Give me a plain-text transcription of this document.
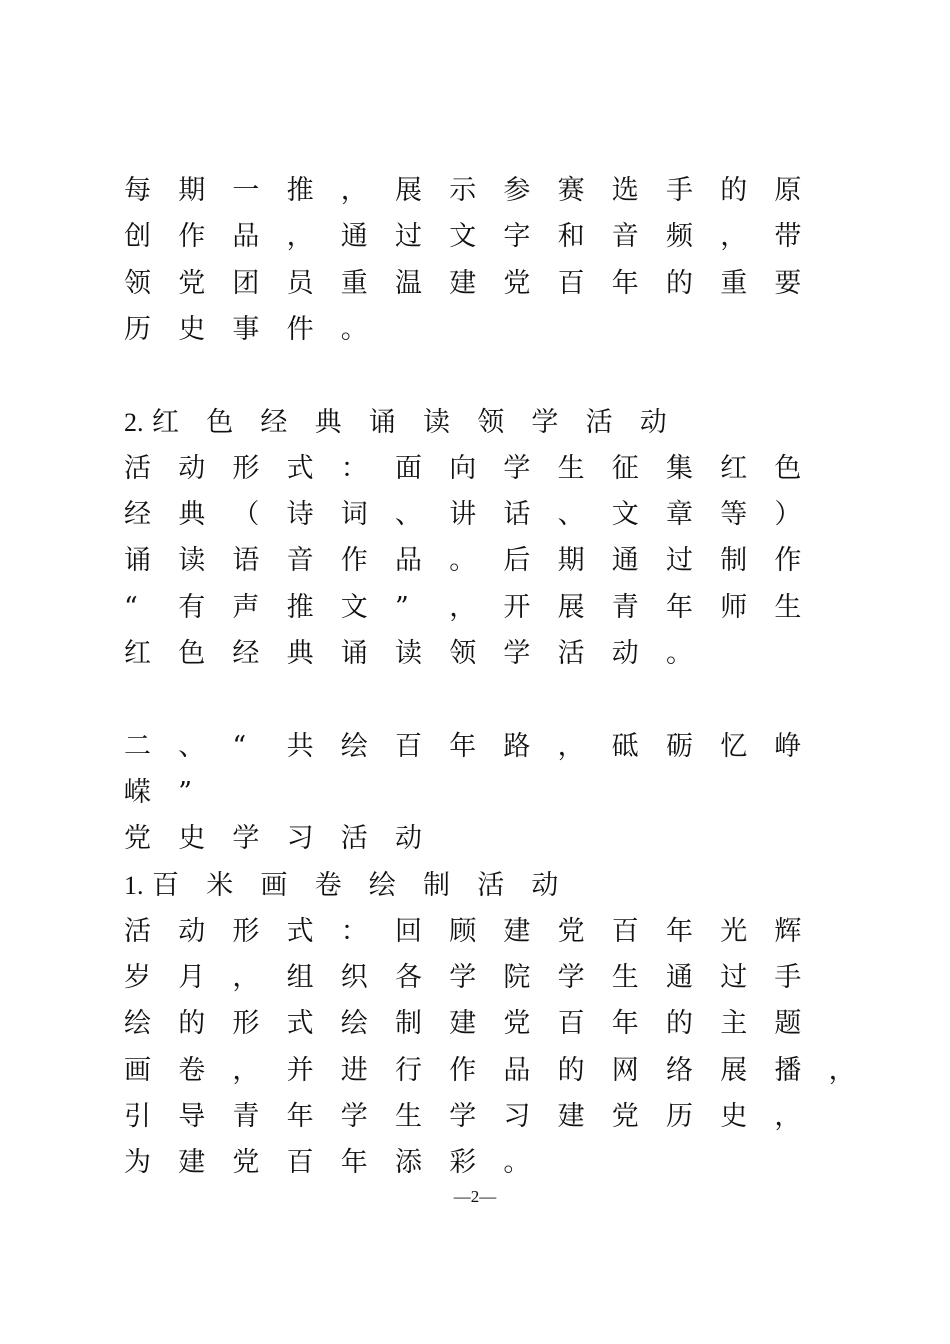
每 期 一 推 ， 展 示 参 赛 选 手 的 原
创 作 品 ， 通 过 文 字 和 音 频 ， 带
领 党 团 员 重 温 建 党 百 年 的 重 要
历 史 事 件 。
2. 红 色 经 典 诵 读 领 学 活 动
活 动 形 式 ： 面 向 学 生 征 集 红 色
经 典 （ 诗 词 、 讲 话 、 文 章 等 ）
诵 读 语 音 作 品 。 后 期 通 过 制 作
“ 有 声 推 文 ” ， 开 展 青 年 师 生
红 色 经 典 诵 读 领 学 活 动 。
二 、 “ 共 绘 百 年 路 ， 砥 砺 忆 峥
嵘 ”
党 史 学 习 活 动
1. 百 米 画 卷 绘 制 活 动
活 动 形 式 ： 回 顾 建 党 百 年 光 辉
岁 月 ， 组 织 各 学 院 学 生 通 过 手
绘 的 形 式 绘 制 建 党 百 年 的 主 题
画 卷 ， 并 进 行 作 品 的 网 络 展 播 ，
引 导 青 年 学 生 学 习 建 党 历 史 ，
为 建 党 百 年 添 彩 。
—2—
